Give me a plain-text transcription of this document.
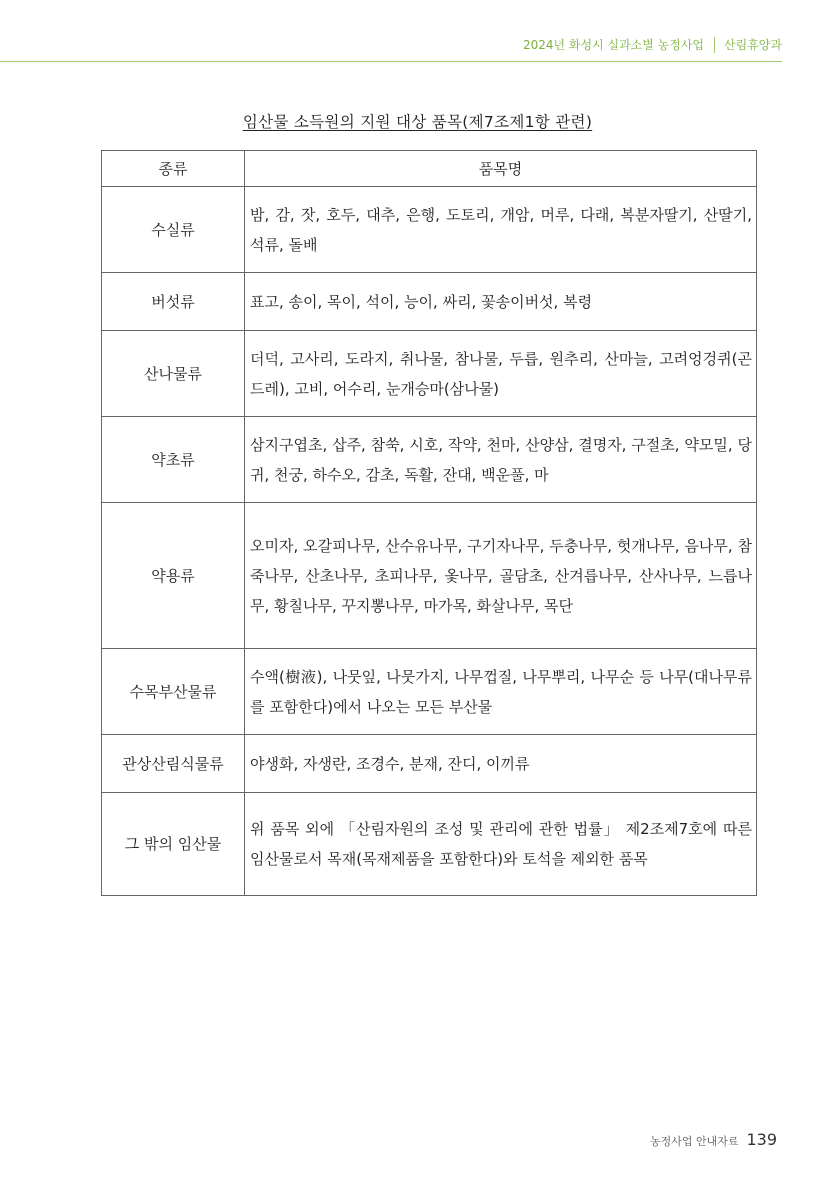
2024년 화성시 실과소별 농정사업 산림휴양과
임산물 소득원의 지원 대상 품목(제7조제1항 관련)
종류	품목명
수실류	밤, 감, 잣, 호두, 대추, 은행, 도토리, 개암, 머루, 다래, 복분자딸기, 산딸기, 석류, 돌배
버섯류	표고, 송이, 목이, 석이, 능이, 싸리, 꽃송이버섯, 복령
산나물류	더덕, 고사리, 도라지, 취나물, 참나물, 두릅, 원추리, 산마늘, 고려엉겅퀴(곤드레), 고비, 어수리, 눈개승마(삼나물)
약초류	삼지구엽초, 삽주, 참쑥, 시호, 작약, 천마, 산양삼, 결명자, 구절초, 약모밀, 당귀, 천궁, 하수오, 감초, 독활, 잔대, 백운풀, 마
약용류	오미자, 오갈피나무, 산수유나무, 구기자나무, 두충나무, 헛개나무, 음나무, 참죽나무, 산초나무, 초피나무, 옻나무, 골담초, 산겨릅나무, 산사나무, 느릅나무, 황칠나무, 꾸지뽕나무, 마가목, 화살나무, 목단
수목부산물류	수액(樹液), 나뭇잎, 나뭇가지, 나무껍질, 나무뿌리, 나무순 등 나무(대나무류를 포함한다)에서 나오는 모든 부산물
관상산림식물류	야생화, 자생란, 조경수, 분재, 잔디, 이끼류
그 밖의 임산물	위 품목 외에 「산림자원의 조성 및 관리에 관한 법률」 제2조제7호에 따른 임산물로서 목재(목재제품을 포함한다)와 토석을 제외한 품목
농정사업 안내자료 139
